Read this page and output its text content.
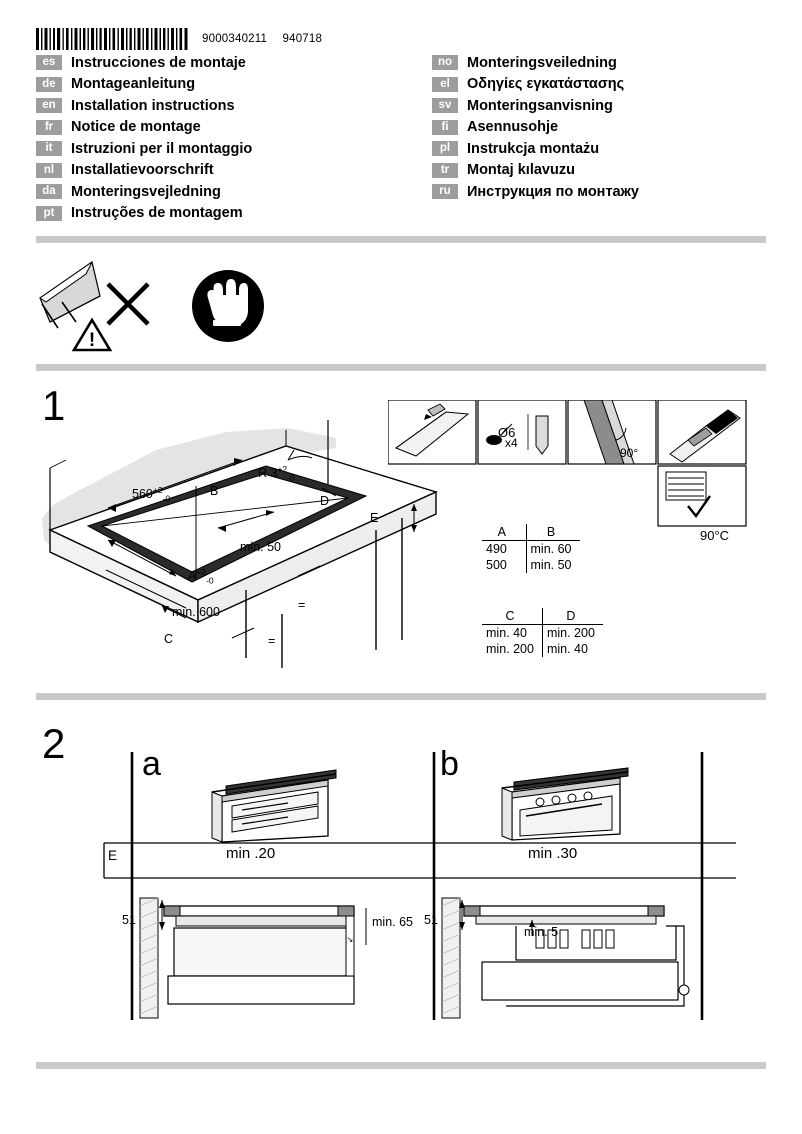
9000340211 940718
es	Instrucciones de montaje
de	Montageanleitung
en	Installation instructions
fr	Notice de montage
it	Istruzioni per il montaggio
nl	Installatievoorschrift
da	Monteringsvejledning
pt	Instruções de montagem
no	Monteringsveiledning
el	Οδηγίες εγκατάστασης
sv	Monteringsanvisning
fi	Asennusohje
pl	Instrukcja montażu
tr	Montaj kılavuzu
ru	Инструкция по монтажу
!
1
$560^{+2}_{-0}$
B
R $3^{+2}_{-0}$
D
E
min. 50
$A^{+2}_{-0}$
min. 600
C
=
=
Ø6
x4
90°
90°C
A	B
490	min. 60
500	min. 50
C	D
min. 40	min. 200
min. 200	min. 40
2 a	b
↘
E	min .20	min .30
51	min. 65 51
min. 5
